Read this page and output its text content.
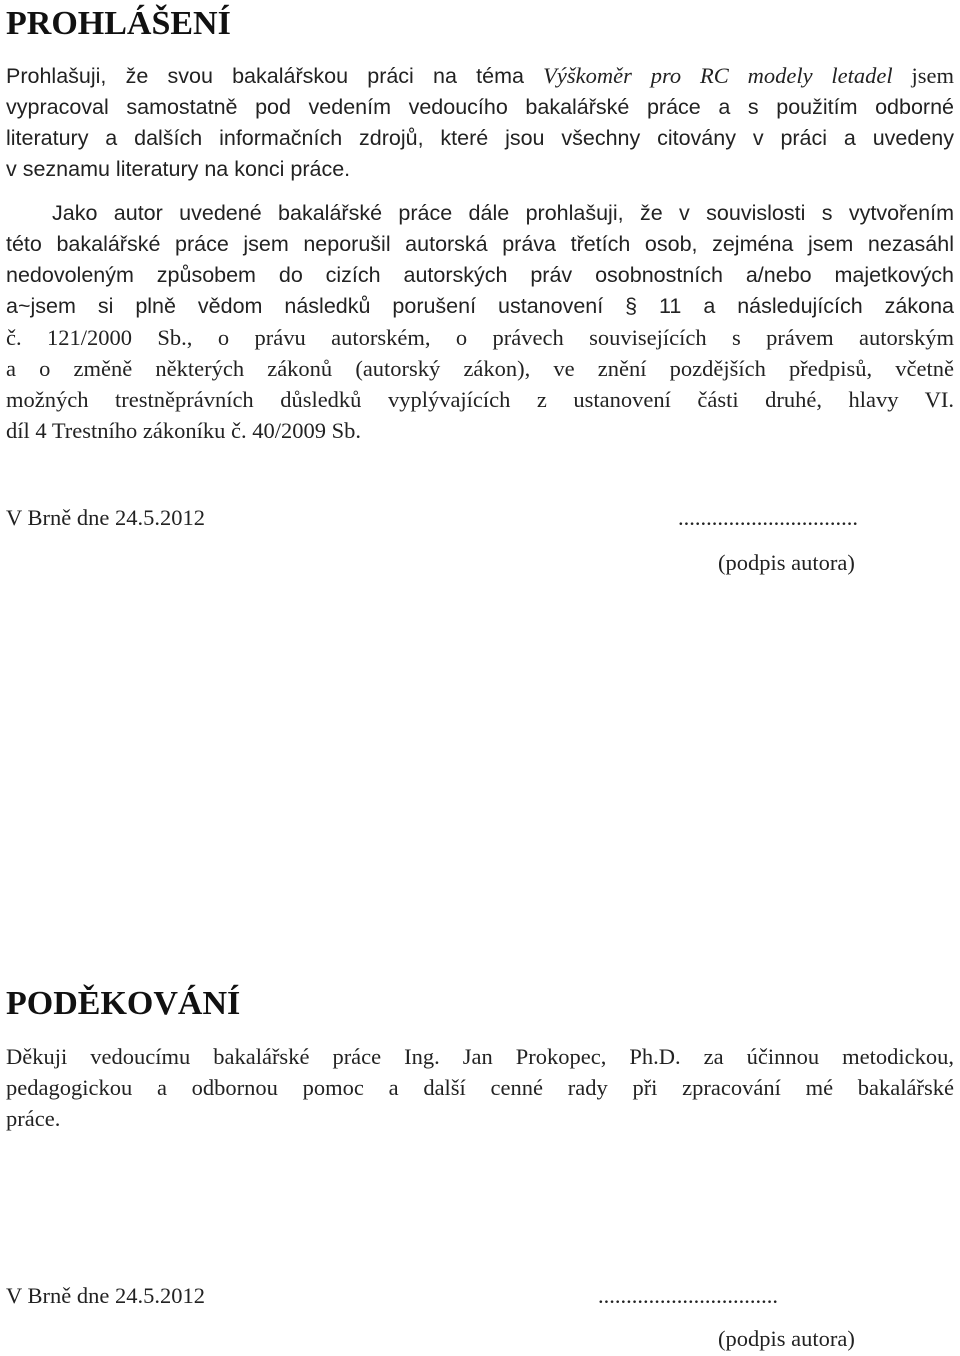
PROHLÁŠENÍ
Prohlašuji, že svou bakalářskou práci na téma Výškoměr pro RC modely letadel jsem
vypracoval samostatně pod vedením vedoucího bakalářské práce a s použitím odborné
literatury a dalších informačních zdrojů, které jsou všechny citovány v práci a uvedeny
v seznamu literatury na konci práce.
Jako autor uvedené bakalářské práce dále prohlašuji, že v souvislosti s vytvořením
této bakalářské práce jsem neporušil autorská práva třetích osob, zejména jsem nezasáhl
nedovoleným způsobem do cizích autorských práv osobnostních a/nebo majetkových
a~jsem si plně vědom následků porušení ustanovení § 11 a následujících zákona
č. 121/2000 Sb., o právu autorském, o právech souvisejících s právem autorským
a o změně některých zákonů (autorský zákon), ve znění pozdějších předpisů, včetně
možných trestněprávních důsledků vyplývajících z ustanovení části druhé, hlavy VI.
díl 4 Trestního zákoníku č. 40/2009 Sb.
V Brně dne 24.5.2012	................................
(podpis autora)
PODĚKOVÁNÍ
Děkuji vedoucímu bakalářské práce Ing. Jan Prokopec, Ph.D. za účinnou metodickou,
pedagogickou a odbornou pomoc a další cenné rady při zpracování mé bakalářské
práce.
V Brně dne 24.5.2012	................................
(podpis autora)
